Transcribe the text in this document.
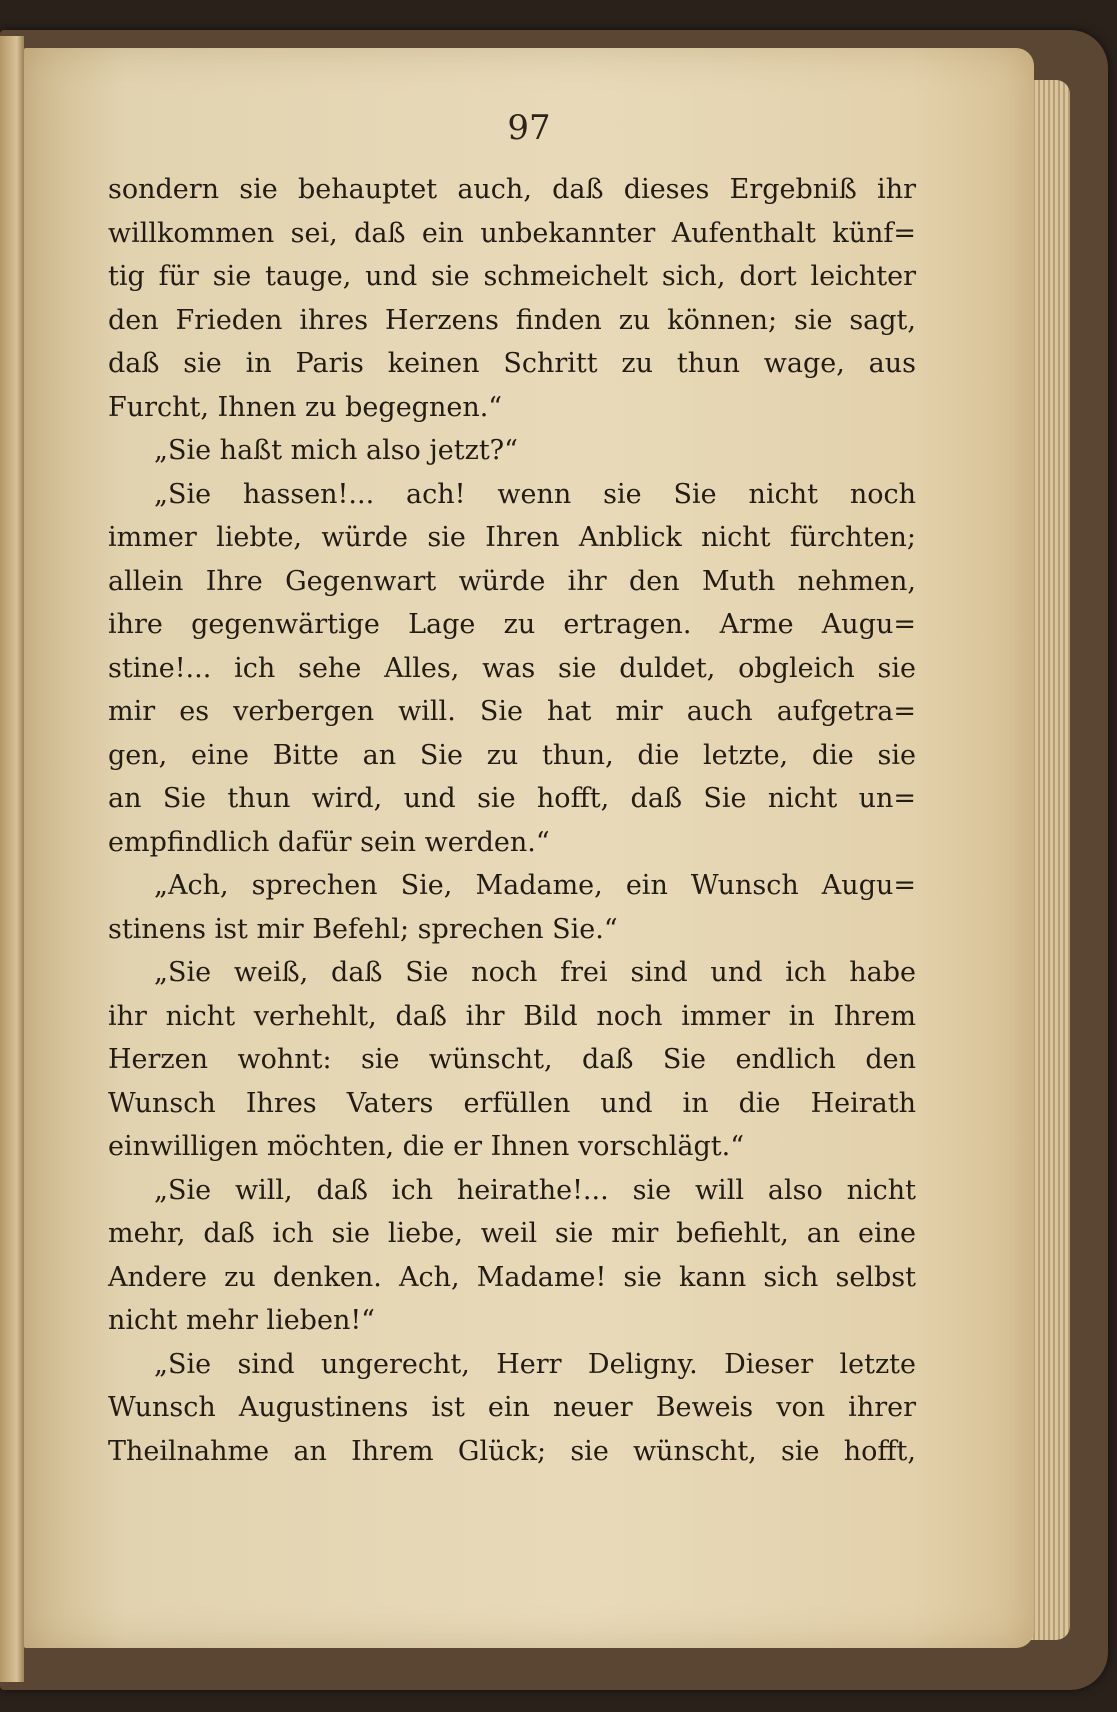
97
sondern sie behauptet auch, daß dieses Ergebniß ihr
willkommen sei, daß ein unbekannter Aufenthalt künf=
tig für sie tauge, und sie schmeichelt sich, dort leichter
den Frieden ihres Herzens finden zu können; sie sagt,
daß sie in Paris keinen Schritt zu thun wage, aus
Furcht, Ihnen zu begegnen.“
„Sie haßt mich also jetzt?“
„Sie hassen!... ach! wenn sie Sie nicht noch
immer liebte, würde sie Ihren Anblick nicht fürchten;
allein Ihre Gegenwart würde ihr den Muth nehmen,
ihre gegenwärtige Lage zu ertragen. Arme Augu=
stine!... ich sehe Alles, was sie duldet, obgleich sie
mir es verbergen will. Sie hat mir auch aufgetra=
gen, eine Bitte an Sie zu thun, die letzte, die sie
an Sie thun wird, und sie hofft, daß Sie nicht un=
empfindlich dafür sein werden.“
„Ach, sprechen Sie, Madame, ein Wunsch Augu=
stinens ist mir Befehl; sprechen Sie.“
„Sie weiß, daß Sie noch frei sind und ich habe
ihr nicht verhehlt, daß ihr Bild noch immer in Ihrem
Herzen wohnt: sie wünscht, daß Sie endlich den
Wunsch Ihres Vaters erfüllen und in die Heirath
einwilligen möchten, die er Ihnen vorschlägt.“
„Sie will, daß ich heirathe!... sie will also nicht
mehr, daß ich sie liebe, weil sie mir befiehlt, an eine
Andere zu denken. Ach, Madame! sie kann sich selbst
nicht mehr lieben!“
„Sie sind ungerecht, Herr Deligny. Dieser letzte
Wunsch Augustinens ist ein neuer Beweis von ihrer
Theilnahme an Ihrem Glück; sie wünscht, sie hofft,
